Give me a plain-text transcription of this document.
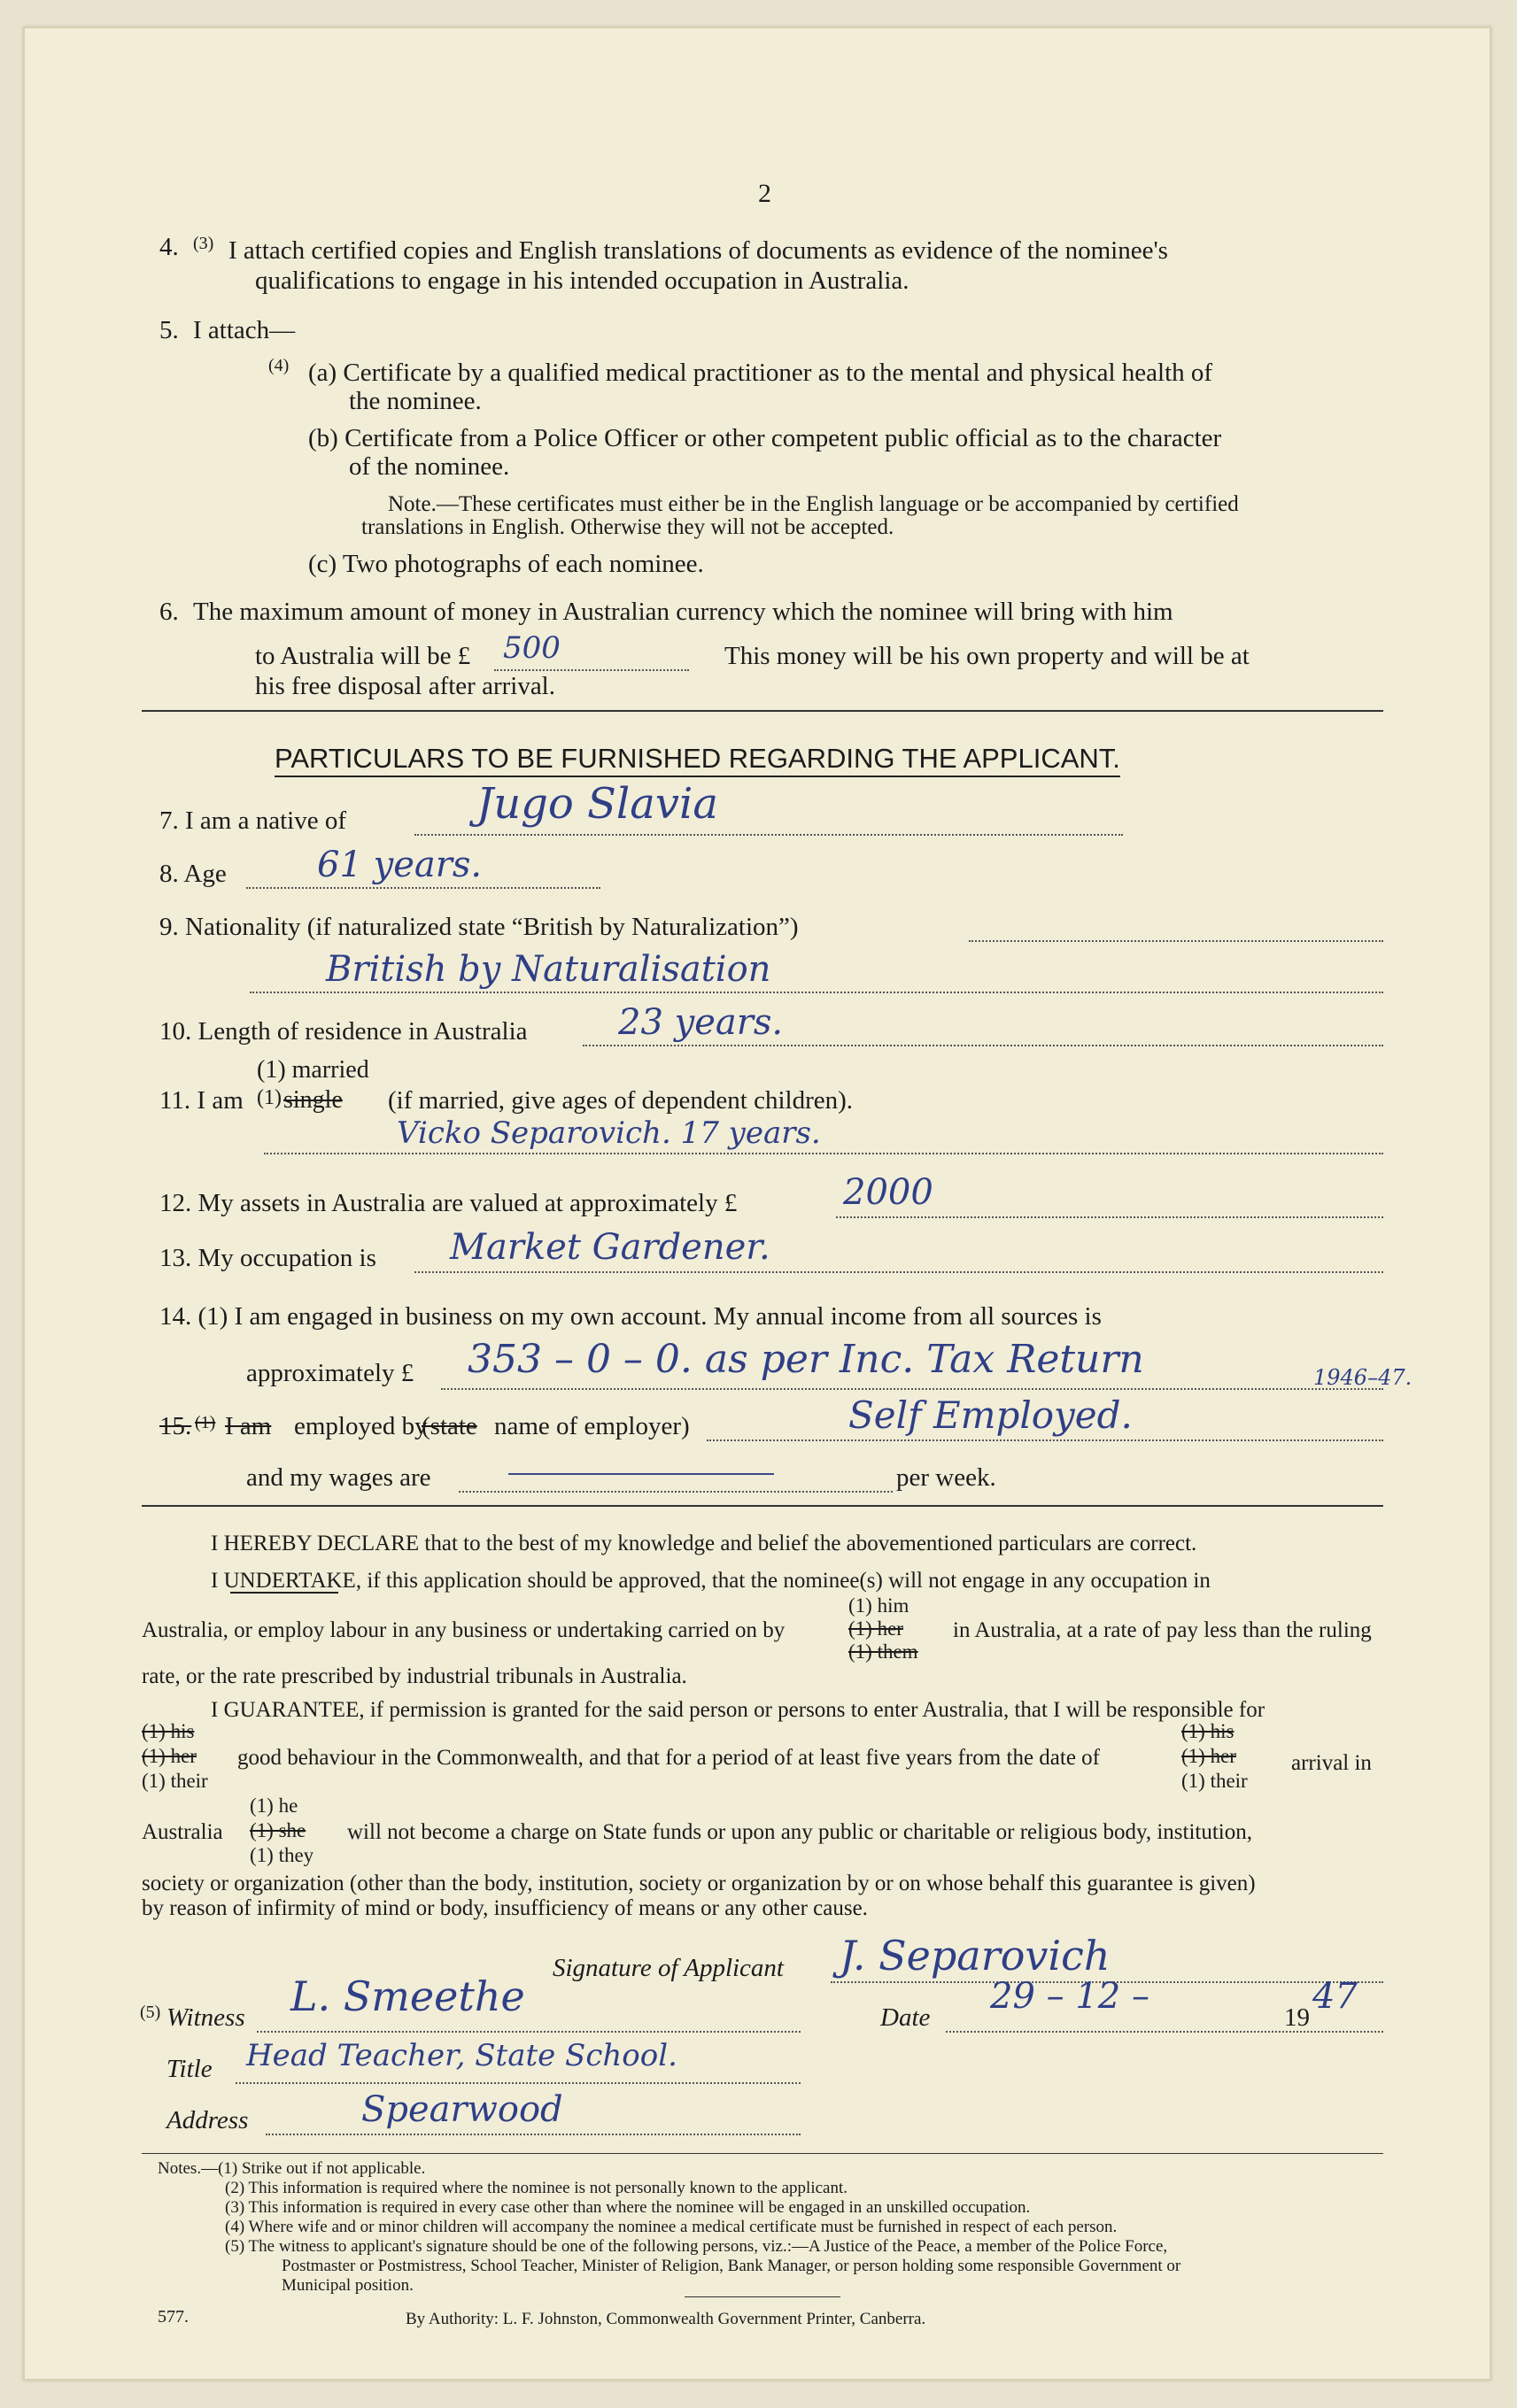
2
4. (3) I attach certified copies and English translations of documents as evidence of the nominee's
qualifications to engage in his intended occupation in Australia.
5. I attach—
(4) (a) Certificate by a qualified medical practitioner as to the mental and physical health of
the nominee.
(b) Certificate from a Police Officer or other competent public official as to the character
of the nominee.
Note.—These certificates must either be in the English language or be accompanied by certified
translations in English. Otherwise they will not be accepted.
(c) Two photographs of each nominee.
6. The maximum amount of money in Australian currency which the nominee will bring with him
to Australia will be £ 500	This money will be his own property and will be at
his free disposal after arrival.
PARTICULARS TO BE FURNISHED REGARDING THE APPLICANT.
7. I am a native of	Jugo Slavia
8. Age	61 years.
9. Nationality (if naturalized state “British by Naturalization”)
British by Naturalisation
10. Length of residence in Australia	23 years.
11. I am
(1) married
(1) single (if married, give ages of dependent children).
Vicko Separovich. 17 years.
12. My assets in Australia are valued at approximately £	2000
13. My occupation is Market Gardener.
14. (1) I am engaged in business on my own account. My annual income from all sources is
approximately £ 353 – 0 – 0. as per Inc. Tax Return	1946–47.
15. (1) I am employed by
(state name of employer)	Self Employed.
and my wages are	per week.
I HEREBY DECLARE that to the best of my knowledge and belief the abovementioned particulars are correct.
I UNDERTAKE, if this application should be approved, that the nominee(s) will not engage in any occupation in
Australia, or employ labour in any business or undertaking carried on by
(1) him
(1) her
(1) them
in Australia, at a rate of pay less than the ruling
rate, or the rate prescribed by industrial tribunals in Australia.
I GUARANTEE, if permission is granted for the said person or persons to enter Australia, that I will be responsible for
(1) his
(1) her
(1) their
good behaviour in the Commonwealth, and that for a period of at least five years from the date of
(1) his
(1) her
(1) their
arrival in
Australia
(1) he
(1) she
(1) they
will not become a charge on State funds or upon any public or charitable or religious body, institution,
society or organization (other than the body, institution, society or organization by or on whose behalf this guarantee is given)
by reason of infirmity of mind or body, insufficiency of means or any other cause.
Signature of Applicant J. Separovich
(5) Witness L. Smeethe	Date
29 – 12 –
19
47
Title Head Teacher, State School.
Address	Spearwood
Notes.—(1) Strike out if not applicable.
(2) This information is required where the nominee is not personally known to the applicant.
(3) This information is required in every case other than where the nominee will be engaged in an unskilled occupation.
(4) Where wife and or minor children will accompany the nominee a medical certificate must be furnished in respect of each person.
(5) The witness to applicant's signature should be one of the following persons, viz.:—A Justice of the Peace, a member of the Police Force,
Postmaster or Postmistress, School Teacher, Minister of Religion, Bank Manager, or person holding some responsible Government or
Municipal position.
577.	By Authority: L. F. Johnston, Commonwealth Government Printer, Canberra.
